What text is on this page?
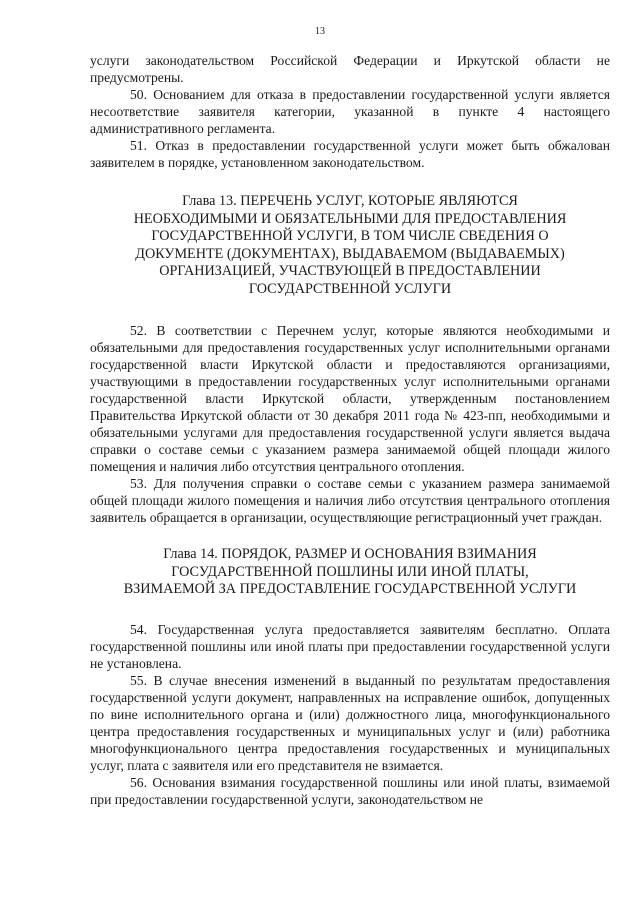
13

услуги законодательством Российской Федерации и Иркутской области не предусмотрены.

50. Основанием для отказа в предоставлении государственной услуги является несоответствие заявителя категории, указанной в пункте 4 настоящего административного регламента.

51. Отказ в предоставлении государственной услуги может быть обжалован заявителем в порядке, установленном законодательством.

Глава 13. ПЕРЕЧЕНЬ УСЛУГ, КОТОРЫЕ ЯВЛЯЮТСЯ
НЕОБХОДИМЫМИ И ОБЯЗАТЕЛЬНЫМИ ДЛЯ ПРЕДОСТАВЛЕНИЯ
ГОСУДАРСТВЕННОЙ УСЛУГИ, В ТОМ ЧИСЛЕ СВЕДЕНИЯ О
ДОКУМЕНТЕ (ДОКУМЕНТАХ), ВЫДАВАЕМОМ (ВЫДАВАЕМЫХ)
ОРГАНИЗАЦИЕЙ, УЧАСТВУЮЩЕЙ В ПРЕДОСТАВЛЕНИИ
ГОСУДАРСТВЕННОЙ УСЛУГИ

52. В соответствии с Перечнем услуг, которые являются необходимыми и обязательными для предоставления государственных услуг исполнительными органами государственной власти Иркутской области и предоставляются организациями, участвующими в предоставлении государственных услуг исполнительными органами государственной власти Иркутской области, утвержденным постановлением Правительства Иркутской области от 30 декабря 2011 года № 423-пп, необходимыми и обязательными услугами для предоставления государственной услуги является выдача справки о составе семьи с указанием размера занимаемой общей площади жилого помещения и наличия либо отсутствия центрального отопления.

53. Для получения справки о составе семьи с указанием размера занимаемой общей площади жилого помещения и наличия либо отсутствия центрального отопления заявитель обращается в организации, осуществляющие регистрационный учет граждан.

Глава 14. ПОРЯДОК, РАЗМЕР И ОСНОВАНИЯ ВЗИМАНИЯ
ГОСУДАРСТВЕННОЙ ПОШЛИНЫ ИЛИ ИНОЙ ПЛАТЫ,
ВЗИМАЕМОЙ ЗА ПРЕДОСТАВЛЕНИЕ ГОСУДАРСТВЕННОЙ УСЛУГИ

54. Государственная услуга предоставляется заявителям бесплатно. Оплата государственной пошлины или иной платы при предоставлении государственной услуги не установлена.

55. В случае внесения изменений в выданный по результатам предоставления государственной услуги документ, направленных на исправление ошибок, допущенных по вине исполнительного органа и (или) должностного лица, многофункционального центра предоставления государственных и муниципальных услуг и (или) работника многофункционального центра предоставления государственных и муниципальных услуг, плата с заявителя или его представителя не взимается.

56. Основания взимания государственной пошлины или иной платы, взимаемой при предоставлении государственной услуги, законодательством не
